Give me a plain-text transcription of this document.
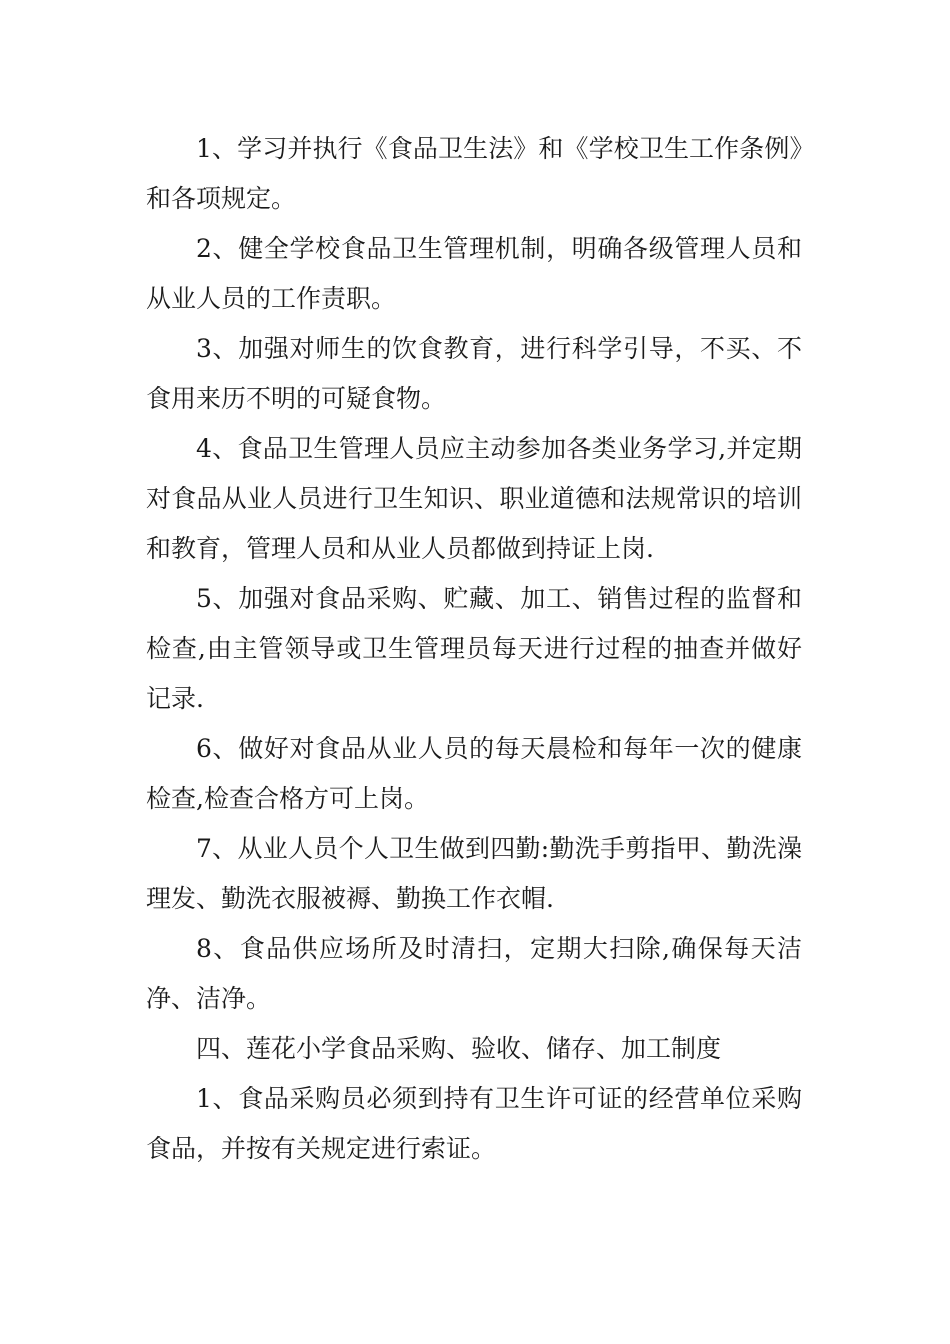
1、学习并执行《食品卫生法》和《学校卫生工作条例》和各项规定。

2、健全学校食品卫生管理机制，明确各级管理人员和从业人员的工作责职。

3、加强对师生的饮食教育，进行科学引导，不买、不食用来历不明的可疑食物。

4、食品卫生管理人员应主动参加各类业务学习,并定期对食品从业人员进行卫生知识、职业道德和法规常识的培训和教育，管理人员和从业人员都做到持证上岗.

5、加强对食品采购、贮藏、加工、销售过程的监督和检查,由主管领导或卫生管理员每天进行过程的抽查并做好记录.

6、做好对食品从业人员的每天晨检和每年一次的健康检查,检查合格方可上岗。

7、从业人员个人卫生做到四勤:勤洗手剪指甲、勤洗澡理发、勤洗衣服被褥、勤换工作衣帽.

8、食品供应场所及时清扫，定期大扫除,确保每天洁净、洁净。

四、莲花小学食品采购、验收、储存、加工制度

1、食品采购员必须到持有卫生许可证的经营单位采购食品，并按有关规定进行索证。
